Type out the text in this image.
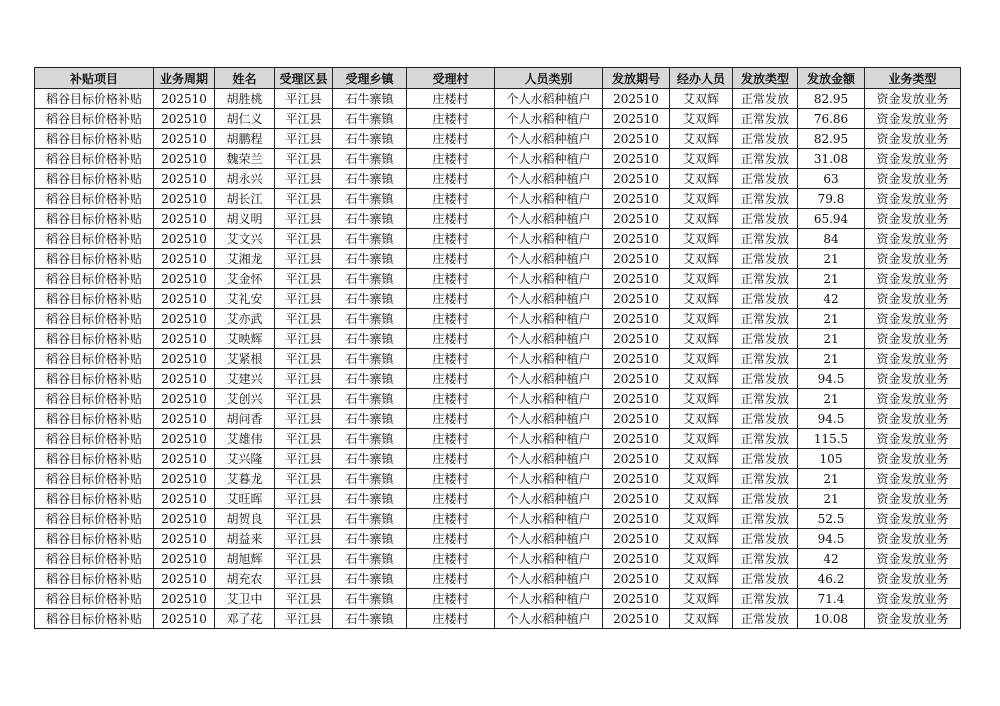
补贴项目	业务周期	姓名	受理区县	受理乡镇	受理村	人员类别	发放期号	经办人员	发放类型	发放金额	业务类型
稻谷目标价格补贴	202510	胡胜桃	平江县	石牛寨镇	庄楼村	个人水稻种植户	202510	艾双辉	正常发放	82.95	资金发放业务
稻谷目标价格补贴	202510	胡仁义	平江县	石牛寨镇	庄楼村	个人水稻种植户	202510	艾双辉	正常发放	76.86	资金发放业务
稻谷目标价格补贴	202510	胡鹏程	平江县	石牛寨镇	庄楼村	个人水稻种植户	202510	艾双辉	正常发放	82.95	资金发放业务
稻谷目标价格补贴	202510	魏荣兰	平江县	石牛寨镇	庄楼村	个人水稻种植户	202510	艾双辉	正常发放	31.08	资金发放业务
稻谷目标价格补贴	202510	胡永兴	平江县	石牛寨镇	庄楼村	个人水稻种植户	202510	艾双辉	正常发放	63	资金发放业务
稻谷目标价格补贴	202510	胡长江	平江县	石牛寨镇	庄楼村	个人水稻种植户	202510	艾双辉	正常发放	79.8	资金发放业务
稻谷目标价格补贴	202510	胡义明	平江县	石牛寨镇	庄楼村	个人水稻种植户	202510	艾双辉	正常发放	65.94	资金发放业务
稻谷目标价格补贴	202510	艾文兴	平江县	石牛寨镇	庄楼村	个人水稻种植户	202510	艾双辉	正常发放	84	资金发放业务
稻谷目标价格补贴	202510	艾湘龙	平江县	石牛寨镇	庄楼村	个人水稻种植户	202510	艾双辉	正常发放	21	资金发放业务
稻谷目标价格补贴	202510	艾金怀	平江县	石牛寨镇	庄楼村	个人水稻种植户	202510	艾双辉	正常发放	21	资金发放业务
稻谷目标价格补贴	202510	艾礼安	平江县	石牛寨镇	庄楼村	个人水稻种植户	202510	艾双辉	正常发放	42	资金发放业务
稻谷目标价格补贴	202510	艾亦武	平江县	石牛寨镇	庄楼村	个人水稻种植户	202510	艾双辉	正常发放	21	资金发放业务
稻谷目标价格补贴	202510	艾映辉	平江县	石牛寨镇	庄楼村	个人水稻种植户	202510	艾双辉	正常发放	21	资金发放业务
稻谷目标价格补贴	202510	艾紧根	平江县	石牛寨镇	庄楼村	个人水稻种植户	202510	艾双辉	正常发放	21	资金发放业务
稻谷目标价格补贴	202510	艾建兴	平江县	石牛寨镇	庄楼村	个人水稻种植户	202510	艾双辉	正常发放	94.5	资金发放业务
稻谷目标价格补贴	202510	艾创兴	平江县	石牛寨镇	庄楼村	个人水稻种植户	202510	艾双辉	正常发放	21	资金发放业务
稻谷目标价格补贴	202510	胡问香	平江县	石牛寨镇	庄楼村	个人水稻种植户	202510	艾双辉	正常发放	94.5	资金发放业务
稻谷目标价格补贴	202510	艾雄伟	平江县	石牛寨镇	庄楼村	个人水稻种植户	202510	艾双辉	正常发放	115.5	资金发放业务
稻谷目标价格补贴	202510	艾兴隆	平江县	石牛寨镇	庄楼村	个人水稻种植户	202510	艾双辉	正常发放	105	资金发放业务
稻谷目标价格补贴	202510	艾暮龙	平江县	石牛寨镇	庄楼村	个人水稻种植户	202510	艾双辉	正常发放	21	资金发放业务
稻谷目标价格补贴	202510	艾旺晖	平江县	石牛寨镇	庄楼村	个人水稻种植户	202510	艾双辉	正常发放	21	资金发放业务
稻谷目标价格补贴	202510	胡贺良	平江县	石牛寨镇	庄楼村	个人水稻种植户	202510	艾双辉	正常发放	52.5	资金发放业务
稻谷目标价格补贴	202510	胡益来	平江县	石牛寨镇	庄楼村	个人水稻种植户	202510	艾双辉	正常发放	94.5	资金发放业务
稻谷目标价格补贴	202510	胡旭辉	平江县	石牛寨镇	庄楼村	个人水稻种植户	202510	艾双辉	正常发放	42	资金发放业务
稻谷目标价格补贴	202510	胡充农	平江县	石牛寨镇	庄楼村	个人水稻种植户	202510	艾双辉	正常发放	46.2	资金发放业务
稻谷目标价格补贴	202510	艾卫中	平江县	石牛寨镇	庄楼村	个人水稻种植户	202510	艾双辉	正常发放	71.4	资金发放业务
稻谷目标价格补贴	202510	邓了花	平江县	石牛寨镇	庄楼村	个人水稻种植户	202510	艾双辉	正常发放	10.08	资金发放业务
